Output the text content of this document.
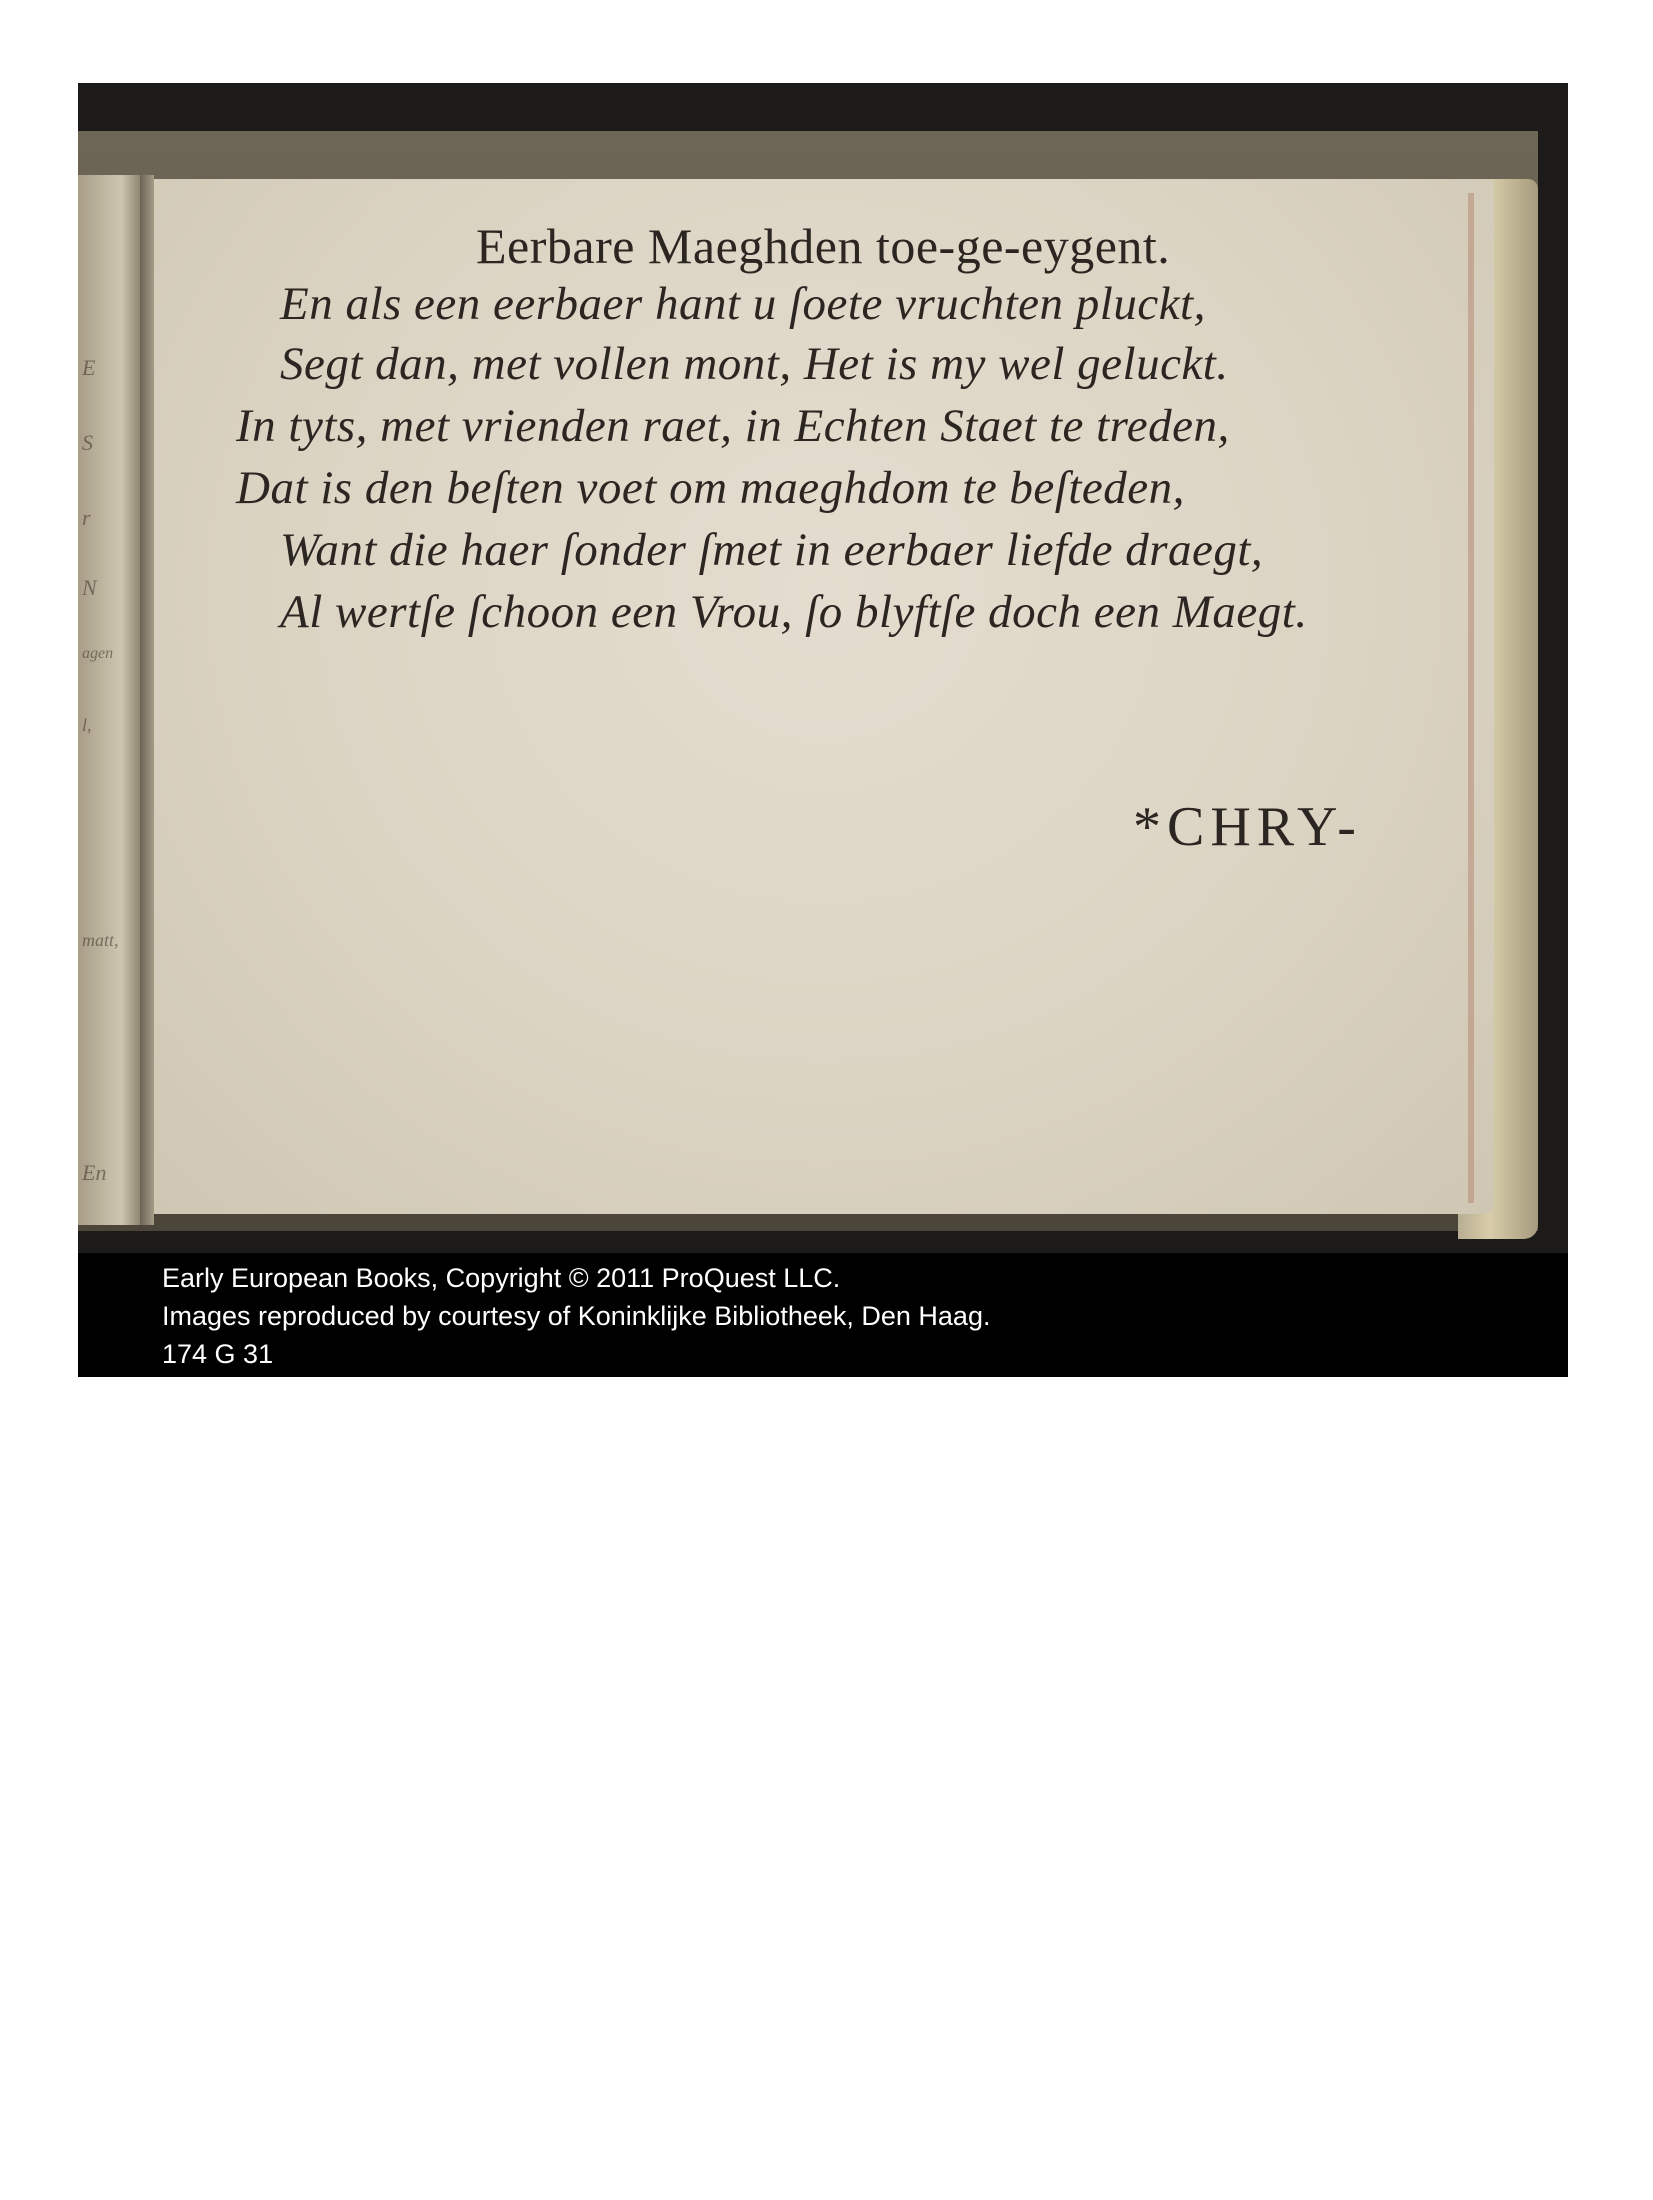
E
S
r
N
agen
l,
matt,
En
Eerbare Maeghden toe-ge-eygent.
En als een eerbaer hant u ſoete vruchten pluckt,
Segt dan, met vollen mont, Het is my wel geluckt.
In tyts, met vrienden raet, in Echten Staet te treden,
Dat is den beſten voet om maeghdom te beſteden,
Want die haer ſonder ſmet in eerbaer liefde draegt,
Al wertſe ſchoon een Vrou, ſo blyftſe doch een Maegt.
*CHRY-
Early European Books, Copyright © 2011 ProQuest LLC.
Images reproduced by courtesy of Koninklijke Bibliotheek, Den Haag.
174 G 31
